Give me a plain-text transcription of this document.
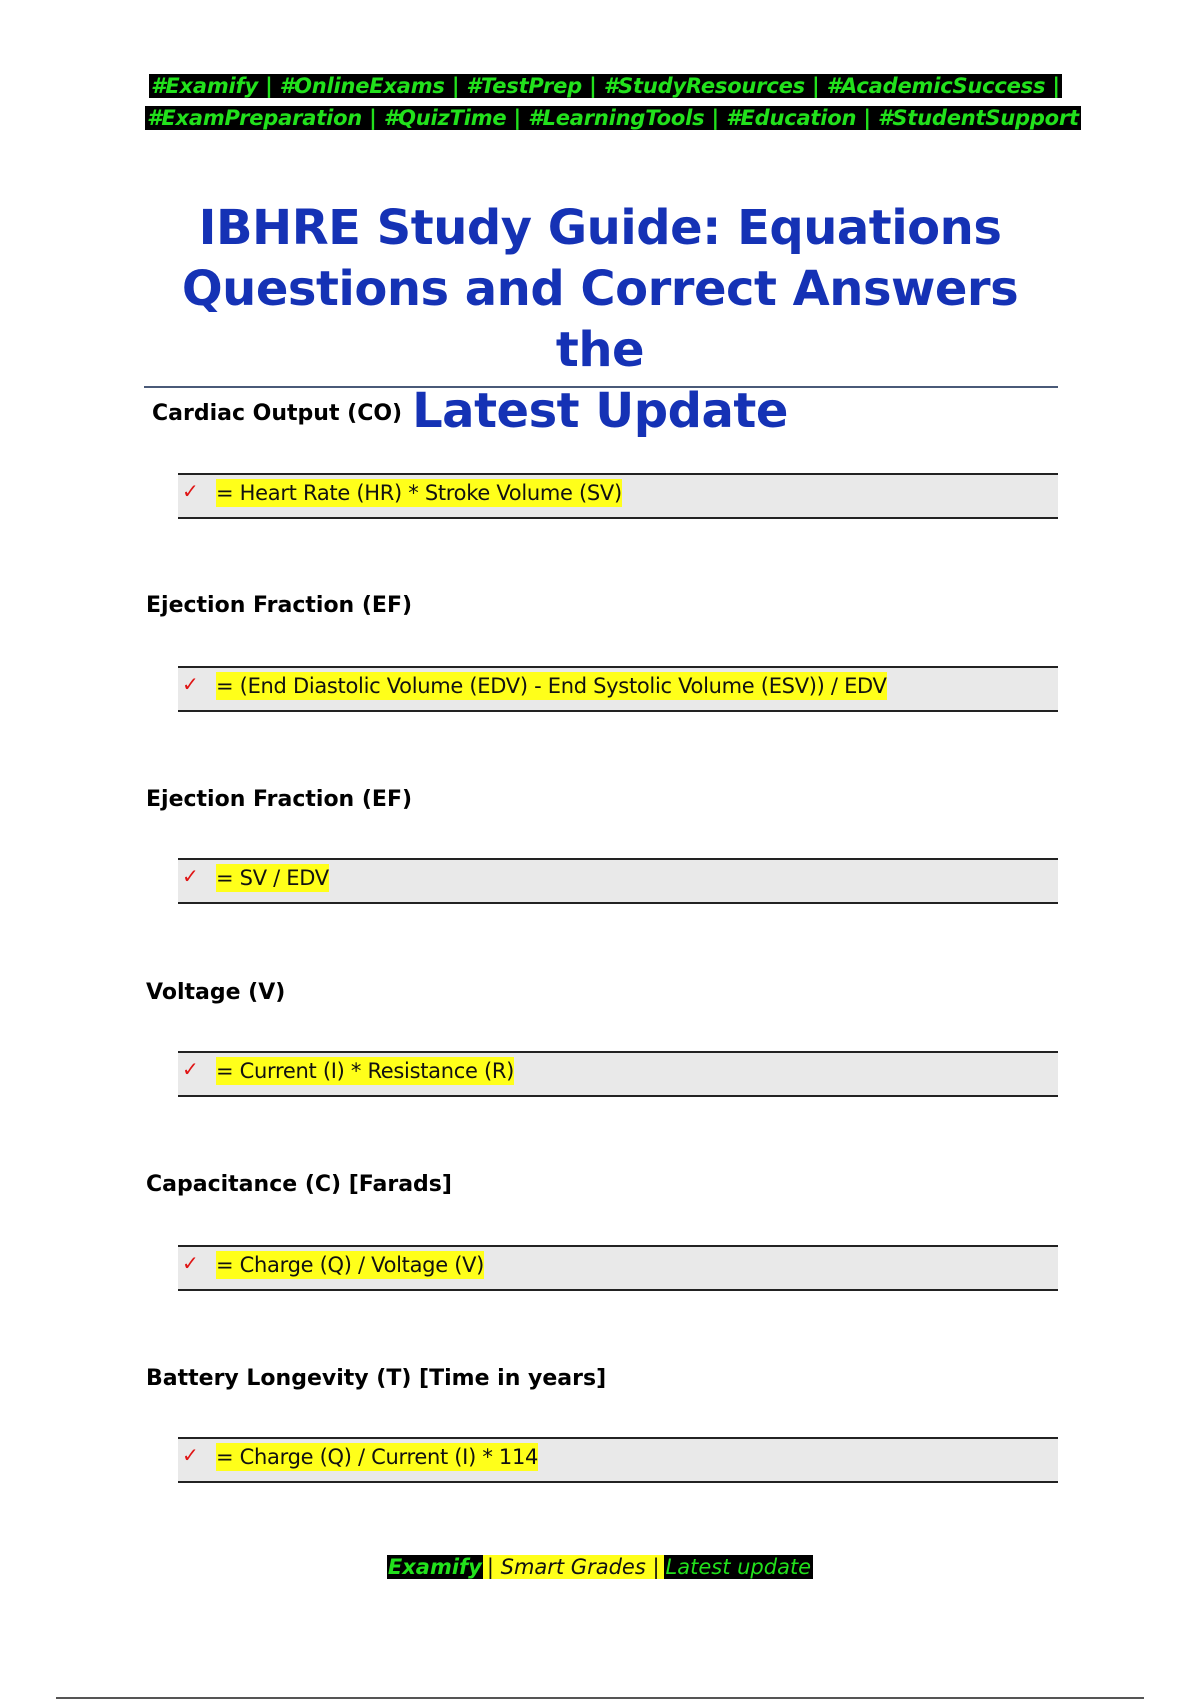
#Examify | #OnlineExams | #TestPrep | #StudyResources | #AcademicSuccess |
#ExamPreparation | #QuizTime | #LearningTools | #Education | #StudentSupport
IBHRE Study Guide: Equations
Questions and Correct Answers the
Latest Update
Cardiac Output (CO)
✓ = Heart Rate (HR) * Stroke Volume (SV)
Ejection Fraction (EF)
✓ = (End Diastolic Volume (EDV) - End Systolic Volume (ESV)) / EDV
Ejection Fraction (EF)
✓ = SV / EDV
Voltage (V)
✓ = Current (I) * Resistance (R)
Capacitance (C) [Farads]
✓ = Charge (Q) / Voltage (V)
Battery Longevity (T) [Time in years]
✓ = Charge (Q) / Current (I) * 114
Examify | Smart Grades | Latest update
